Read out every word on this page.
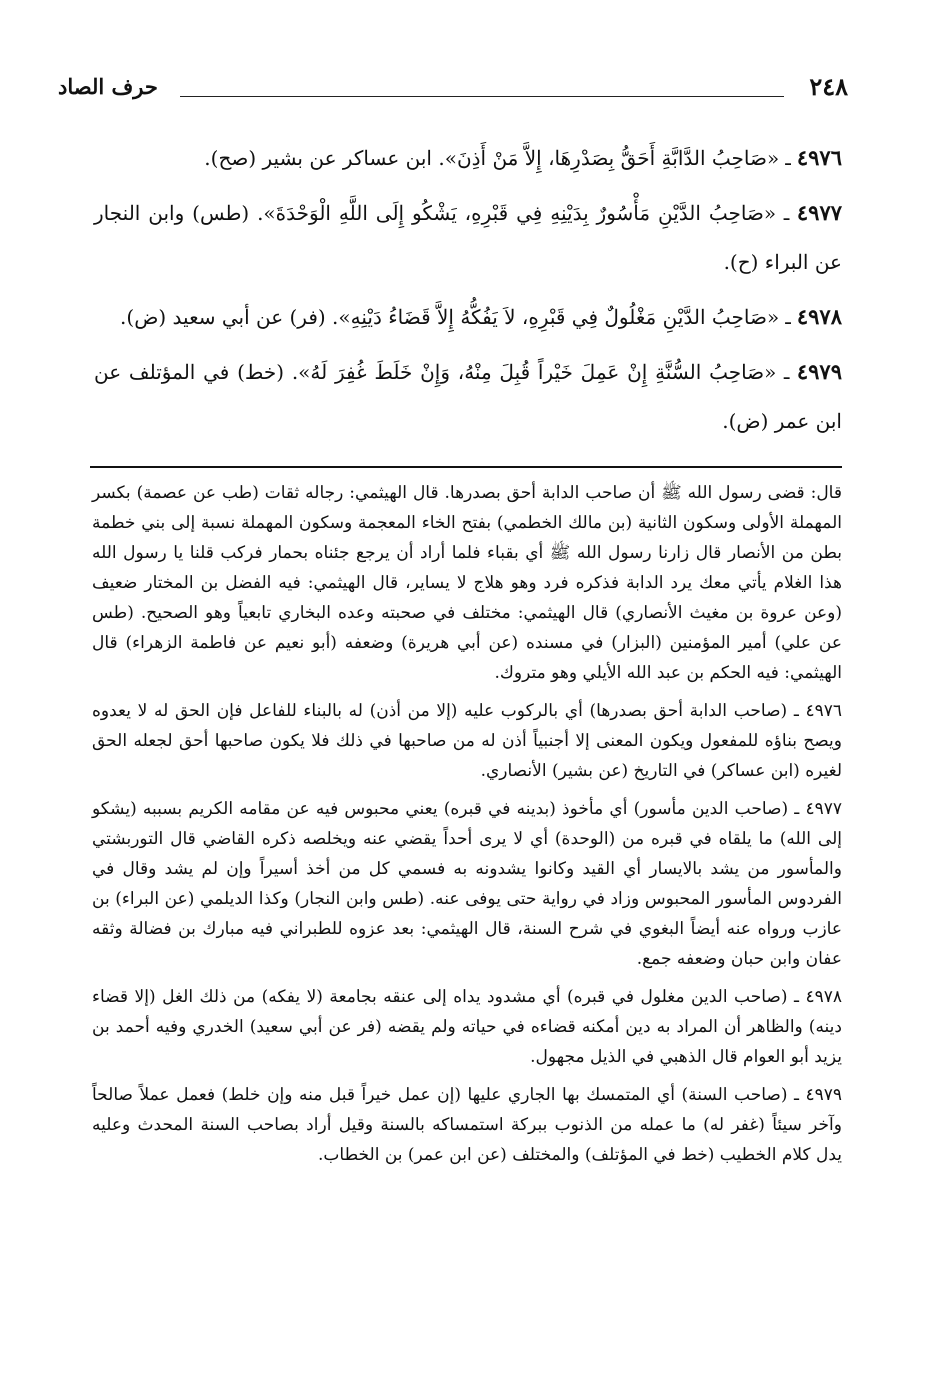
٢٤٨
حرف الصاد

٤٩٧٦ ـ «صَاحِبُ الدَّابَّةِ أَحَقُّ بِصَدْرِهَا، إِلاَّ مَنْ أَذِنَ». ابن عساكر عن بشير (صح).

٤٩٧٧ ـ «صَاحِبُ الدَّيْنِ مَأْسُورٌ بِدَيْنِهِ فِي قَبْرِهِ، يَشْكُو إِلَى اللَّهِ الْوَحْدَةَ». (طس) وابن النجار عن البراء (ح).

٤٩٧٨ ـ «صَاحِبُ الدَّيْنِ مَغْلُولٌ فِي قَبْرِهِ، لاَ يَفُكُّهُ إِلاَّ قَضَاءُ دَيْنِهِ». (فر) عن أبي سعيد (ض).

٤٩٧٩ ـ «صَاحِبُ السُّنَّةِ إِنْ عَمِلَ خَيْراً قُبِلَ مِنْهُ، وَإِنْ خَلَطَ غُفِرَ لَهُ». (خط) في المؤتلف عن ابن عمر (ض).

قال: قضى رسول الله ﷺ أن صاحب الدابة أحق بصدرها. قال الهيثمي: رجاله ثقات (طب عن عصمة) بكسر المهملة الأولى وسكون الثانية (بن مالك الخطمي) بفتح الخاء المعجمة وسكون المهملة نسبة إلى بني خطمة بطن من الأنصار قال زارنا رسول الله ﷺ أي بقباء فلما أراد أن يرجع جئناه بحمار فركب قلنا يا رسول الله هذا الغلام يأتي معك يرد الدابة فذكره فرد وهو هلاج لا يساير، قال الهيثمي: فيه الفضل بن المختار ضعيف (وعن عروة بن مغيث الأنصاري) قال الهيثمي: مختلف في صحبته وعده البخاري تابعياً وهو الصحيح. (طس عن علي) أمير المؤمنين (البزار) في مسنده (عن أبي هريرة) وضعفه (أبو نعيم عن فاطمة الزهراء) قال الهيثمي: فيه الحكم بن عبد الله الأيلي وهو متروك.

٤٩٧٦ ـ (صاحب الدابة أحق بصدرها) أي بالركوب عليه (إلا من أذن) له بالبناء للفاعل فإن الحق له لا يعدوه ويصح بناؤه للمفعول ويكون المعنى إلا أجنبياً أذن له من صاحبها في ذلك فلا يكون صاحبها أحق لجعله الحق لغيره (ابن عساكر) في التاريخ (عن بشير) الأنصاري.

٤٩٧٧ ـ (صاحب الدين مأسور) أي مأخوذ (بدينه في قبره) يعني محبوس فيه عن مقامه الكريم بسببه (يشكو إلى الله) ما يلقاه في قبره من (الوحدة) أي لا يرى أحداً يقضي عنه ويخلصه ذكره القاضي قال التوربشتي والمأسور من يشد بالايسار أي القيد وكانوا يشدونه به فسمي كل من أخذ أسيراً وإن لم يشد وقال في الفردوس المأسور المحبوس وزاد في رواية حتى يوفى عنه. (طس وابن النجار) وكذا الديلمي (عن البراء) بن عازب ورواه عنه أيضاً البغوي في شرح السنة، قال الهيثمي: بعد عزوه للطبراني فيه مبارك بن فضالة وثقه عفان وابن حبان وضعفه جمع.

٤٩٧٨ ـ (صاحب الدين مغلول في قبره) أي مشدود يداه إلى عنقه بجامعة (لا يفكه) من ذلك الغل (إلا قضاء دينه) والظاهر أن المراد به دين أمكنه قضاءه في حياته ولم يقضه (فر عن أبي سعيد) الخدري وفيه أحمد بن يزيد أبو العوام قال الذهبي في الذيل مجهول.

٤٩٧٩ ـ (صاحب السنة) أي المتمسك بها الجاري عليها (إن عمل خيراً قبل منه وإن خلط) فعمل عملاً صالحاً وآخر سيئاً (غفر له) ما عمله من الذنوب ببركة استمساكه بالسنة وقيل أراد بصاحب السنة المحدث وعليه يدل كلام الخطيب (خط في المؤتلف) والمختلف (عن ابن عمر) بن الخطاب.
